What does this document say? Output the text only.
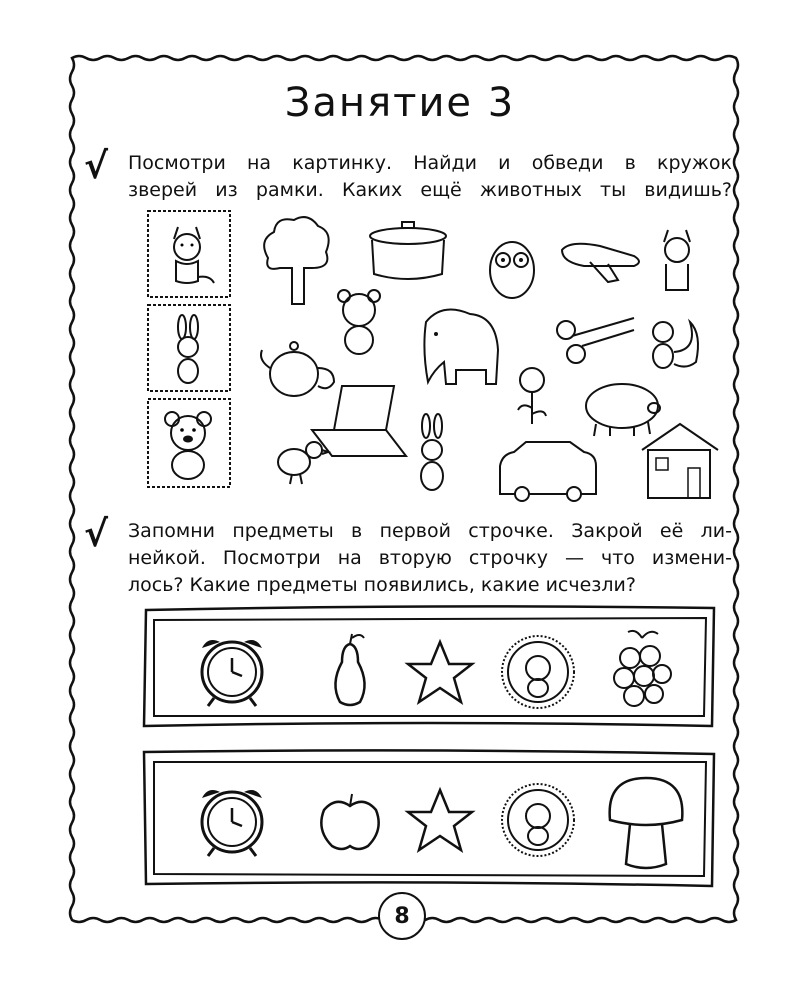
Занятие 3
√ Посмотри на картинку. Найди и обведи в кружок
зверей из рамки. Каких ещё животных ты видишь?
√ Запомни предметы в первой строчке. Закрой её ли-
нейкой. Посмотри на вторую строчку — что измени-
лось? Какие предметы появились, какие исчезли?
8
